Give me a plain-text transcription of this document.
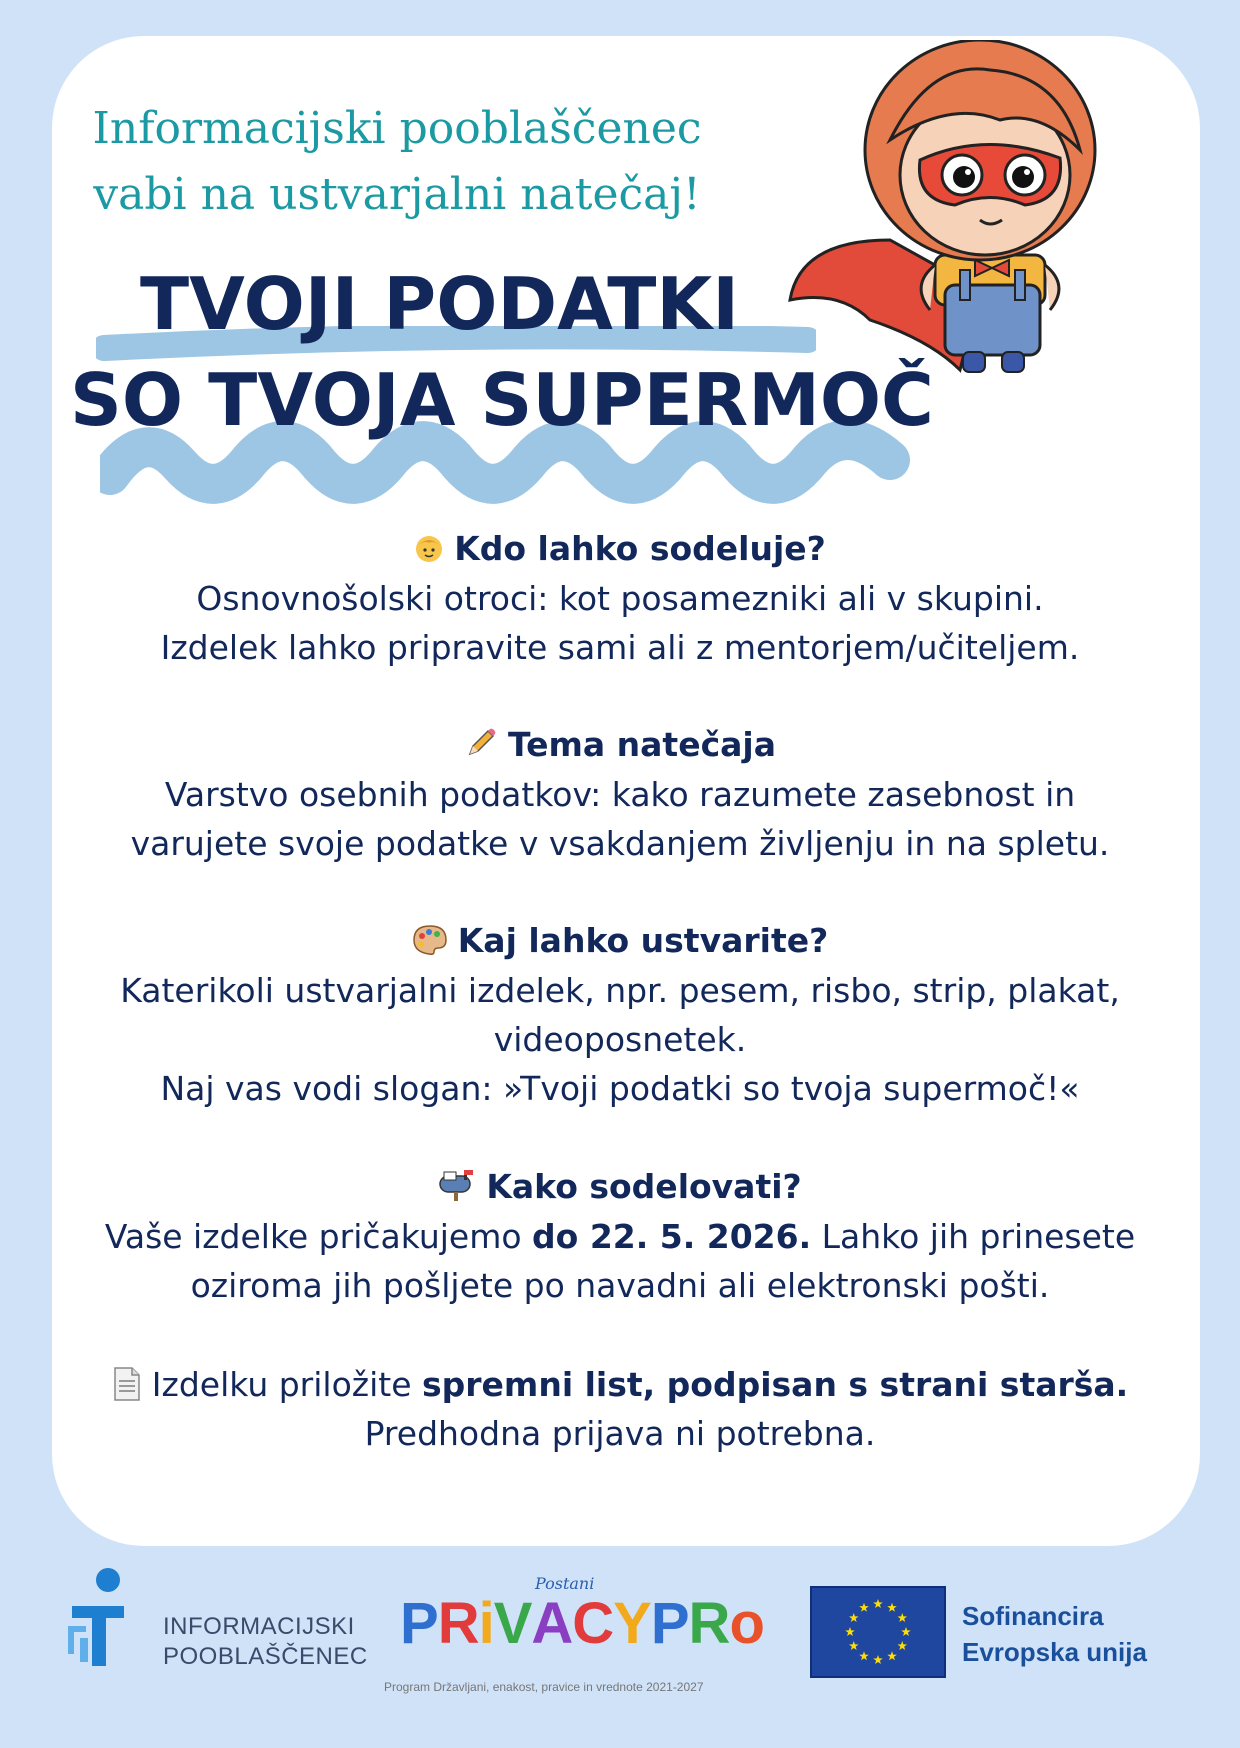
Informacijski pooblaščenec
vabi na ustvarjalni natečaj!
TVOJI PODATKI
SO TVOJA SUPERMOČ
Kdo lahko sodeluje?
Osnovnošolski otroci: kot posamezniki ali v skupini.
Izdelek lahko pripravite sami ali z mentorjem/učiteljem.
Tema natečaja
Varstvo osebnih podatkov: kako razumete zasebnost in
varujete svoje podatke v vsakdanjem življenju in na spletu.
Kaj lahko ustvarite?
Katerikoli ustvarjalni izdelek, npr. pesem, risbo, strip, plakat,
videoposnetek.
Naj vas vodi slogan: »Tvoji podatki so tvoja supermoč!«
Kako sodelovati?
Vaše izdelke pričakujemo do 22. 5. 2026. Lahko jih prinesete
oziroma jih pošljete po navadni ali elektronski pošti.
Izdelku priložite spremni list, podpisan s strani starša.
Predhodna prijava ni potrebna.
INFORMACIJSKI
POOBLAŠČENEC
Postani
PRiVACYPRo
Program Državljani, enakost, pravice in vrednote 2021-2027
Sofinancira
Evropska unija
